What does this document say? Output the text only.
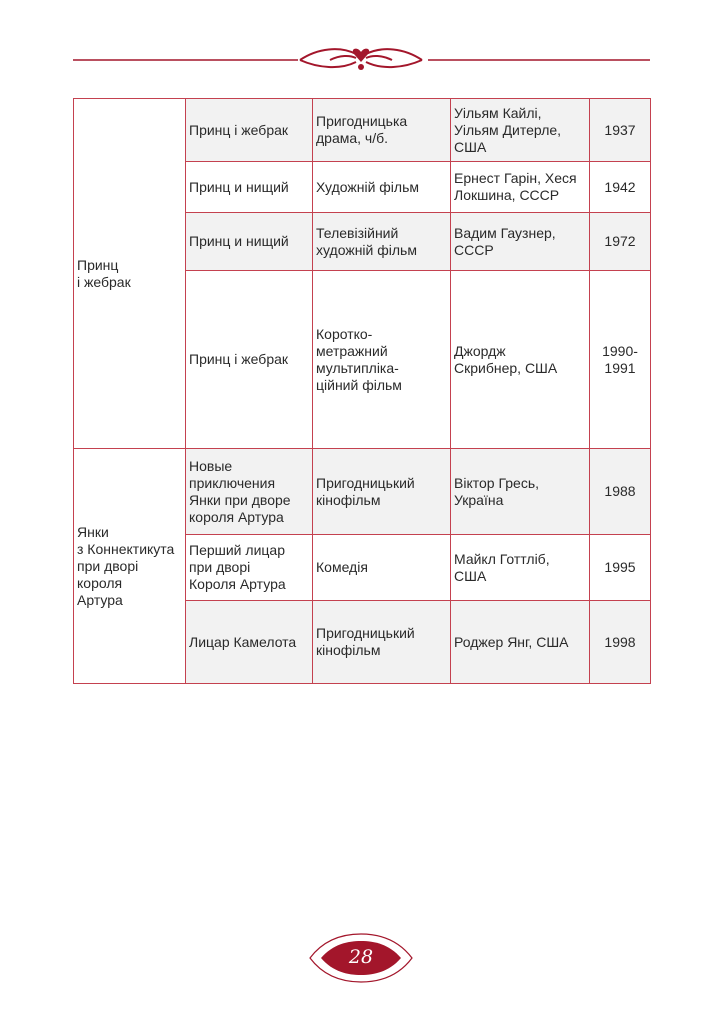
Принц
і жебрак	Принц і жебрак	Пригодницька
драма, ч/б.	Уільям Кайлі,
Уільям Дитерле,
США	1937

	Принц и нищий	Художній фільм	Ернест Гарін, Хеся
Локшина, СССР	1942

	Принц и нищий	Телевізійний
художній фільм	Вадим Гаузнер,
СССР	1972

	Принц і жебрак	Коротко-
метражний
мультипліка-
ційний фільм	Джордж
Скрибнер, США	1990-
1991

Янки
з Коннектикута
при дворі
короля
Артура	Новые
приключения
Янки при дворе
короля Артура	Пригодницький
кінофільм	Віктор Гресь,
Україна	1988

	Перший лицар
при дворі
Короля Артура	Комедія	Майкл Готтліб,
США	1995

	Лицар Камелота	Пригодницький
кінофільм	Роджер Янг, США	1998
28
